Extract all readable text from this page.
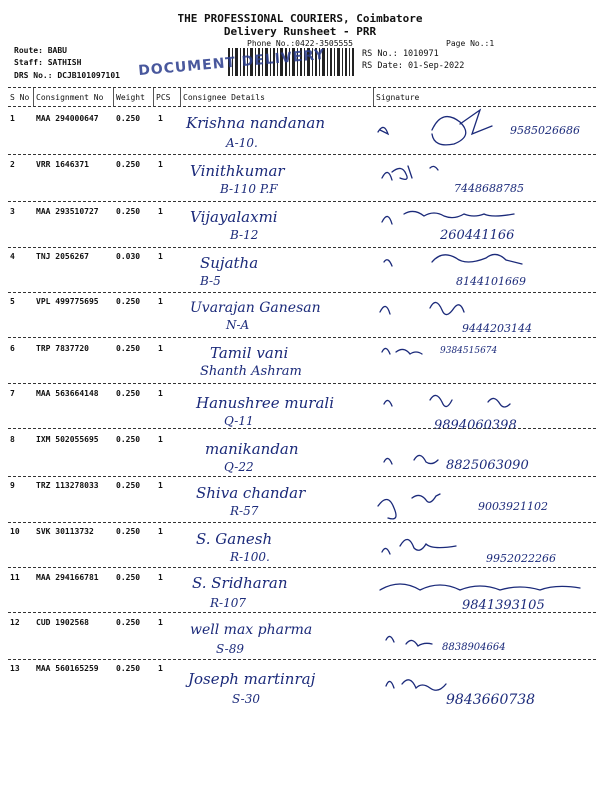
THE PROFESSIONAL COURIERS, Coimbatore
Delivery Runsheet - PRR
Phone No.:0422-3505555	Page No.:1
Route: BABU
Staff: SATHISH
DRS No.: DCJB101097101
RS No.: 1010971
RS Date: 01-Sep-2022
DOCUMENT DELIVERY
S No Consignment No Weight PCS Consignee Details	Signature
1	MAA 294000647 0.250 1 Krishna nandanan
A-10.
9585026686
2	VRR 1646371	0.250 1 Vinithkumar
B-110 P.F	7448688785
3	MAA 293510727 0.250 1 Vijayalaxmi
B-12	260441166
4	TNJ 2056267	0.030 1 Sujatha
B-5	8144101669
5	VPL 499775695 0.250 1 Uvarajan Ganesan
N-A	9444203144
6	TRP 7837720	0.250 1	Tamil vani
Shanth Ashram
9384515674
7	MAA 563664148 0.250 1
Hanushree murali
Q-11	9894060398
8	IXM 502055695 0.250 1
manikandan
Q-22	8825063090
9	TRZ 113278033 0.250 1 Shiva chandar
R-57	9003921102
10 SVK 30113732	0.250 1 S. Ganesh
R-100.	9952022266
11 MAA 294166781 0.250 1 S. Sridharan
R-107	9841393105
12 CUD 1902568	0.250 1 well max pharma
S-89	8838904664
13 MAA 560165259 0.250 1
Joseph martinraj
S-30	9843660738
